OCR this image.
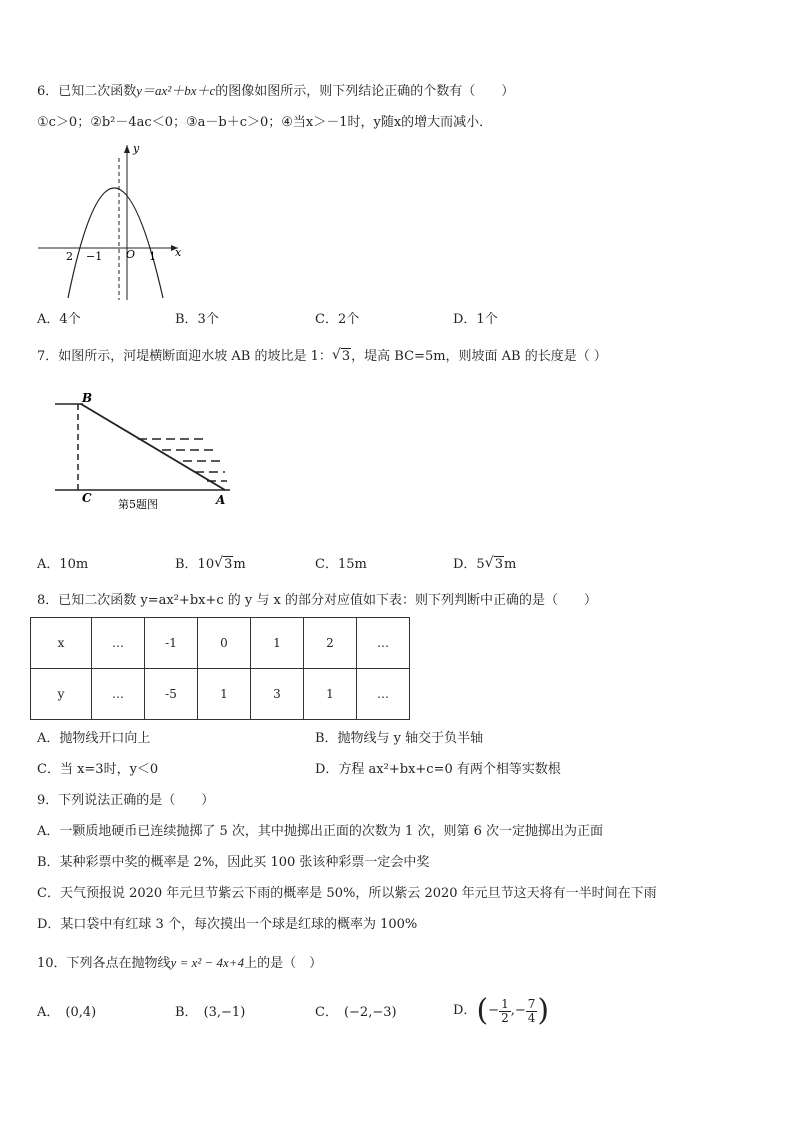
6．已知二次函数y＝ax²＋bx＋c的图像如图所示，则下列结论正确的个数有（　　）
①c＞0；②b²－4ac＜0；③a－b＋c＞0；④当x＞－1时，y随x的增大而减小．
y
x
O
2 −1	1
A．4个	B．3个	C．2个	D．1个
7．如图所示，河堤横断面迎水坡 AB 的坡比是 1： √ 3，堤高 BC=5m，则坡面 AB 的长度是（ ）
B
C	A
第5题图
A．10m	B．10 √ 3m	C．15m	D．5 √ 3m
8．已知二次函数 y=ax²+bx+c 的 y 与 x 的部分对应值如下表：则下列判断中正确的是（　　）
x	…	-1	0	1	2	…
y	…	-5	1	3	1	…
A．抛物线开口向上	B．抛物线与 y 轴交于负半轴
C．当 x=3时，y＜0	D．方程 ax²+bx+c=0 有两个相等实数根
9．下列说法正确的是（　　）
A．一颗质地硬币已连续抛掷了 5 次，其中抛掷出正面的次数为 1 次，则第 6 次一定抛掷出为正面
B．某种彩票中奖的概率是 2%，因此买 100 张该种彩票一定会中奖
C．天气预报说 2020 年元旦节紫云下雨的概率是 50%，所以紫云 2020 年元旦节这天将有一半时间在下雨
D．某口袋中有红球 3 个，每次摸出一个球是红球的概率为 100%
10．下列各点在抛物线y = x² − 4x+4上的是（　）
A． (0,4)	B． (3,−1)	C． (−2,−3)	D．(− $\frac{1}{2}$ ,− $\frac{7}{4}$ )
